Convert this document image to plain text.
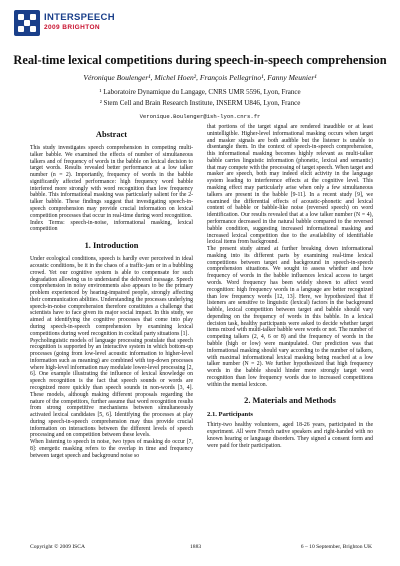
INTERSPEECH
2009 BRIGHTON
Real-time lexical competitions during speech-in-speech comprehension
Véronique Boulenger¹, Michel Hoen², François Pellegrino¹, Fanny Meunier¹
¹ Laboratoire Dynamique du Langage, CNRS UMR 5596, Lyon, France
² Stem Cell and Brain Research Institute, INSERM U846, Lyon, France
Veronique.Boulenger@ish-lyon.cnrs.fr
Abstract

This study investigates speech comprehension in competing multi-talker babble. We examined the effects of number of simultaneous talkers and of frequency of words in the babble on lexical decision to target words. Results revealed better performance at a low talker number (n = 2). Importantly, frequency of words in the babble significantly affected performance: high frequency word babble interfered more strongly with word recognition than low frequency babble. This informational masking was particularly salient for the 2-talker babble. These findings suggest that investigating speech-in-speech comprehension may provide crucial information on lexical competition processes that occur in real-time during word recognition.

Index Terms: speech-in-noise, informational masking, lexical competition

1. Introduction

Under ecological conditions, speech is hardly ever perceived in ideal acoustic conditions, be it in the chaos of a traffic-jam or in a bubbling crowd. Yet our cognitive system is able to compensate for such degradation allowing us to understand the delivered message. Speech comprehension in noisy environments also appears to be the primary problem experienced by hearing-impaired people, strongly affecting their communication abilities. Understanding the processes underlying speech-in-noise comprehension therefore constitutes a challenge that scientists have to face given its major social impact. In this study, we aimed at identifying the cognitive processes that come into play during speech-in-speech comprehension by examining lexical competitions during word recognition in cocktail party situations [1].

Psycholinguistic models of language processing postulate that speech recognition is supported by an interactive system in which bottom-up processes (going from low-level acoustic information to higher-level information such as meaning) are combined with top-down processes where high-level information may modulate lower-level processing [2, 6]. One example illustrating the influence of lexical knowledge on speech recognition is the fact that speech sounds or words are recognized more quickly than speech sounds in non-words [3, 4]. These models, although making different proposals regarding the nature of the competitors, further assume that word recognition results from strong competitive mechanisms between simultaneously activated lexical candidates [5, 6]. Identifying the processes at play during speech-in-speech comprehension may thus provide crucial information on interactions between the different levels of speech processing and on competition between these levels.

When listening to speech in noise, two types of masking do occur [7, 8]: energetic masking refers to the overlap in time and frequency between target speech and background noise so

that portions of the target signal are rendered inaudible or at least unintelligible. Higher-level informational masking occurs when target and masker signals are both audible but the listener is unable to disentangle them. In the context of speech-in-speech comprehension, this informational masking becomes highly relevant as multi-talker babble carries linguistic information (phonetic, lexical and semantic) that may compete with the processing of target speech. When target and masker are speech, both may indeed elicit activity in the language system leading to interference effects at the cognitive level. This masking effect may particularly arise when only a few simultaneous talkers are present in the babble [9-11]. In a recent study [9], we examined the differential effects of acoustic-phonetic and lexical content of babble or babble-like noise (reversed speech) on word identification. Our results revealed that at a low talker number (N = 4), performance decreased in the natural babble compared to the reversed babble condition, suggesting increased informational masking and increased lexical competition due to the availability of identifiable lexical items from background.

The present study aimed at further breaking down informational masking into its different parts by examining real-time lexical competitions between target and background in speech-in-speech comprehension situations. We sought to assess whether and how frequency of words in the babble influences lexical access to target words. Word frequency has been widely shown to affect word recognition: high frequency words in a language are better recognized than low frequency words [12, 13]. Here, we hypothesized that if listeners are sensitive to linguistic (lexical) factors in the background babble, lexical competition between target and babble should vary depending on the frequency of words in this babble. In a lexical decision task, healthy participants were asked to decide whether target items mixed with multi-talker babble were words or not. The number of competing talkers (2, 4, 6 or 8) and the frequency of words in the babble (high or low) were manipulated. Our prediction was that informational masking should vary according to the number of talkers, with maximal informational lexical masking being reached at a low talker number (N = 2). We further hypothesized that high frequency words in the babble should hinder more strongly target word recognition than low frequency words due to increased competitions within the mental lexicon.

2. Materials and Methods
2.1. Participants

Thirty-two healthy volunteers, aged 18-26 years, participated in the experiment. All were French native speakers and right-handed with no known hearing or language disorders. They signed a consent form and were paid for their participation.

Copyright © 2009 ISCA	1883	6 – 10 September, Brighton UK
